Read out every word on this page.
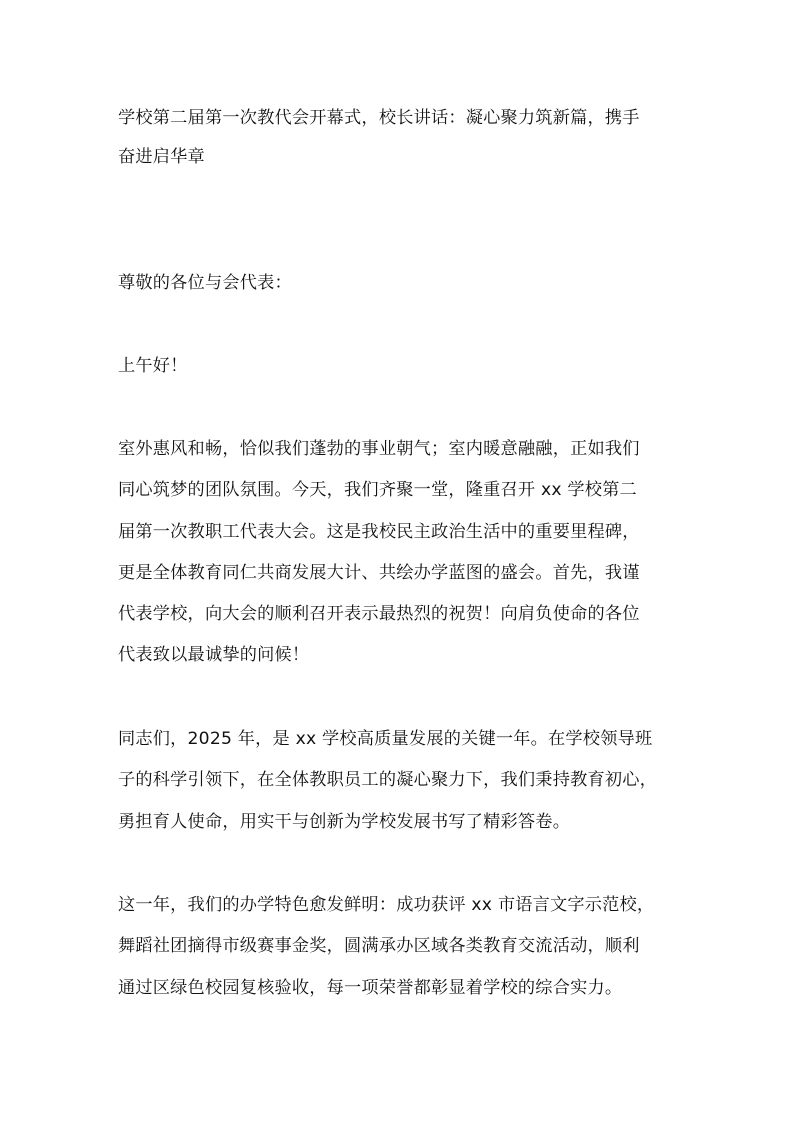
学校第二届第一次教代会开幕式，校长讲话：凝心聚力筑新篇，携手
奋进启华章
尊敬的各位与会代表：
上午好！
室外惠风和畅，恰似我们蓬勃的事业朝气；室内暖意融融，正如我们
同心筑梦的团队氛围。今天，我们齐聚一堂，隆重召开 xx 学校第二
届第一次教职工代表大会。这是我校民主政治生活中的重要里程碑，
更是全体教育同仁共商发展大计、共绘办学蓝图的盛会。首先，我谨
代表学校，向大会的顺利召开表示最热烈的祝贺！向肩负使命的各位
代表致以最诚挚的问候！
同志们，2025 年，是 xx 学校高质量发展的关键一年。在学校领导班
子的科学引领下，在全体教职员工的凝心聚力下，我们秉持教育初心，
勇担育人使命，用实干与创新为学校发展书写了精彩答卷。
这一年，我们的办学特色愈发鲜明：成功获评 xx 市语言文字示范校，
舞蹈社团摘得市级赛事金奖，圆满承办区域各类教育交流活动，顺利
通过区绿色校园复核验收，每一项荣誉都彰显着学校的综合实力。
